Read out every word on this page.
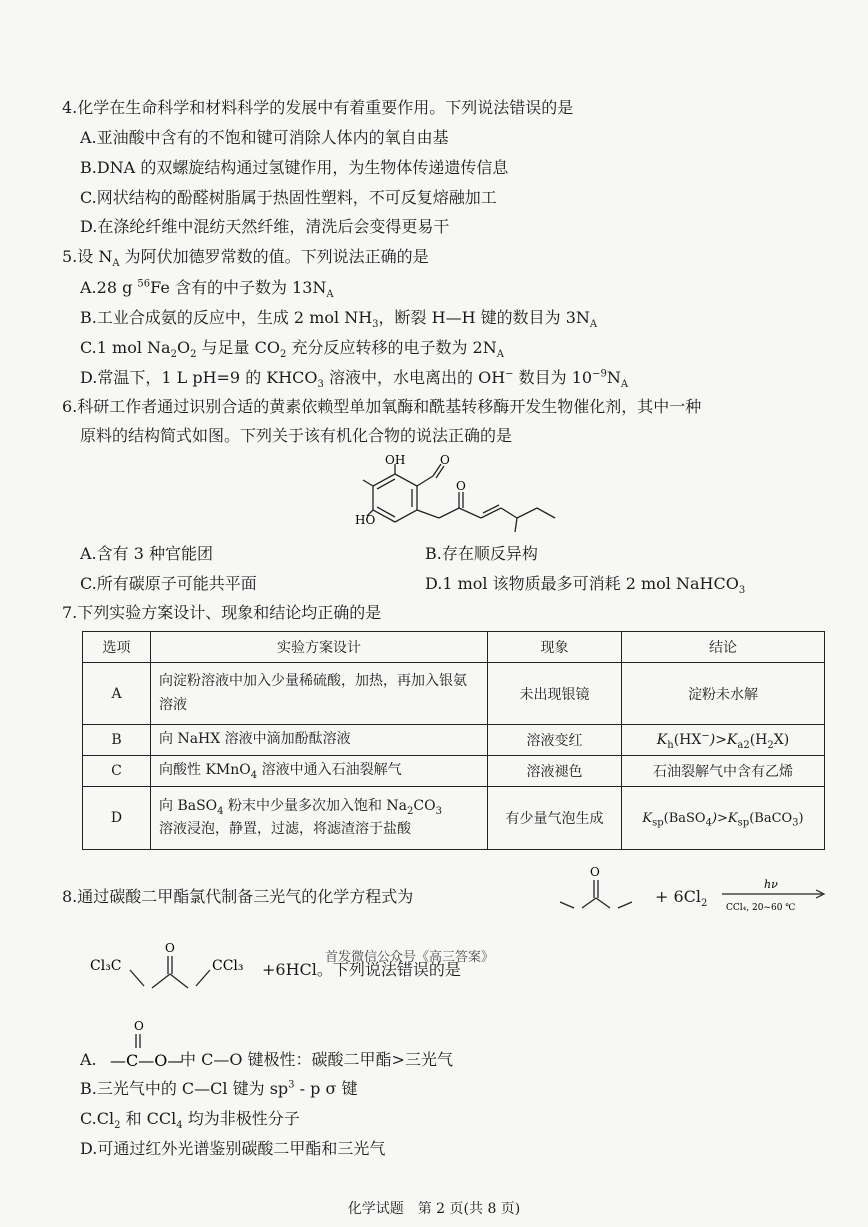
4.化学在生命科学和材料科学的发展中有着重要作用。下列说法错误的是
A.亚油酸中含有的不饱和键可消除人体内的氧自由基
B.DNA 的双螺旋结构通过氢键作用，为生物体传递遗传信息
C.网状结构的酚醛树脂属于热固性塑料，不可反复熔融加工
D.在涤纶纤维中混纺天然纤维，清洗后会变得更易干
5.设 $N_A$ 为阿伏加德罗常数的值。下列说法正确的是
A.28 g $^{56}$Fe 含有的中子数为 $13N_A$
B.工业合成氨的反应中，生成 2 mol $NH_3$，断裂 H—H 键的数目为 $3N_A$
C.1 mol $Na_2O_2$ 与足量 $CO_2$ 充分反应转移的电子数为 $2N_A$
D.常温下，1 L pH=9 的 $KHCO_3$ 溶液中，水电离出的 OH− 数目为 $10^{-9}N_A$
6.科研工作者通过识别合适的黄素依赖型单加氧酶和酰基转移酶开发生物催化剂，其中一种
原料的结构简式如图。下列关于该有机化合物的说法正确的是
OH	O
O
HO
A.含有 3 种官能团	B.存在顺反异构
C.所有碳原子可能共平面	D.1 mol 该物质最多可消耗 2 mol NaHCO$_3$
7.下列实验方案设计、现象和结论均正确的是
选项	实验方案设计	现象	结论
A	向淀粉溶液中加入少量稀硫酸，加热，再加入银氨溶液	未出现银镜	淀粉未水解
B	向 NaHX 溶液中滴加酚酞溶液	溶液变红	$K_h(HX^-)>K_{a2}(H_2X)$
C	向酸性 KMnO$_4$ 溶液中通入石油裂解气	溶液褪色	石油裂解气中含有乙烯
D	向 BaSO$_4$ 粉末中少量多次加入饱和 $Na_2CO_3$
溶液浸泡，静置，过滤，将滤渣溶于盐酸	有少量气泡生成	$K_{sp}(BaSO_4)>K_{sp}(BaCO_3)$
8.通过碳酸二甲酯氯代制备三光气的化学方程式为
O
+ $6Cl_2$
hν
CCl₄, 20~60 ℃
首发微信公众号《高三答案》
Cl₃C	CCl₃
O
+6HCl。下列说法错误的是
A.
O
—C—O—
中 C—O 键极性：碳酸二甲酯>三光气
B.三光气中的 C—Cl 键为 $sp^3$ - p σ 键
$C.Cl_2$ 和 CCl$_4$ 均为非极性分子
D.可通过红外光谱鉴别碳酸二甲酯和三光气
化学试题　第 2 页(共 8 页)
